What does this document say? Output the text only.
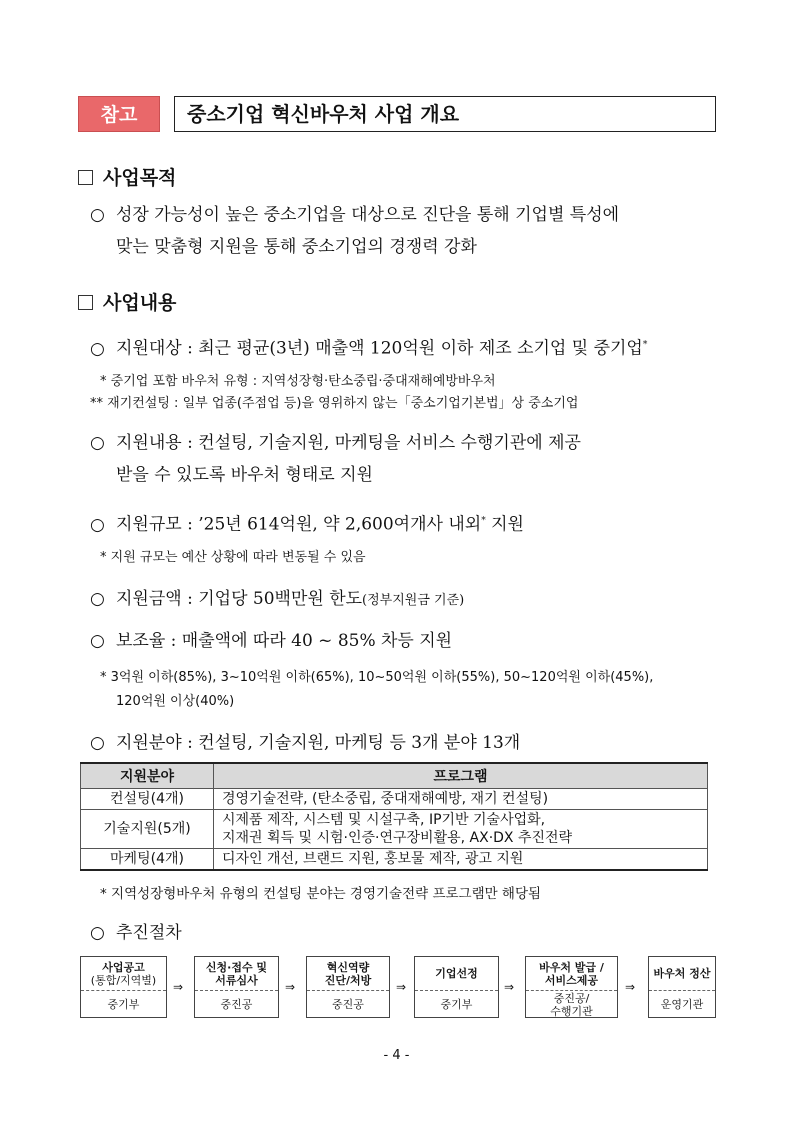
참고	중소기업 혁신바우처 사업 개요
사업목적
○ 성장 가능성이 높은 중소기업을 대상으로 진단을 통해 기업별 특성에
맞는 맞춤형 지원을 통해 중소기업의 경쟁력 강화
사업내용
○ 지원대상 : 최근 평균(3년) 매출액 120억원 이하 제조 소기업 및 중기업*
* 중기업 포함 바우처 유형 : 지역성장형·탄소중립·중대재해예방바우처
** 재기컨설팅 : 일부 업종(주점업 등)을 영위하지 않는「중소기업기본법」상 중소기업
○ 지원내용 : 컨설팅, 기술지원, 마케팅을 서비스 수행기관에 제공
받을 수 있도록 바우처 형태로 지원
○ 지원규모 : ’25년 614억원, 약 2,600여개사 내외* 지원
* 지원 규모는 예산 상황에 따라 변동될 수 있음
○ 지원금액 : 기업당 50백만원 한도(정부지원금 기준)
○ 보조율 : 매출액에 따라 40 ~ 85% 차등 지원
* 3억원 이하(85%), 3~10억원 이하(65%), 10~50억원 이하(55%), 50~120억원 이하(45%),
120억원 이상(40%)
○ 지원분야 : 컨설팅, 기술지원, 마케팅 등 3개 분야 13개
지원분야	프로그램
컨설팅(4개)	경영기술전략, (탄소중립, 중대재해예방, 재기 컨설팅)
기술지원(5개)	시제품 제작, 시스템 및 시설구축, IP기반 기술사업화,
지재권 획득 및 시험·인증·연구장비활용, AX·DX 추진전략

마케팅(4개)	디자인 개선, 브랜드 지원, 홍보물 제작, 광고 지원
* 지역성장형바우처 유형의 컨설팅 분야는 경영기술전략 프로그램만 해당됨
○ 추진절차
사업공고
(통합/지역별)
중기부
⇒
신청·접수 및
서류심사
중진공
⇒
혁신역량
진단/처방
중진공
⇒
기업선정
중기부
⇒
바우처 발급 /
서비스제공
중진공/
수행기관
⇒
바우처 정산
운영기관
- 4 -
